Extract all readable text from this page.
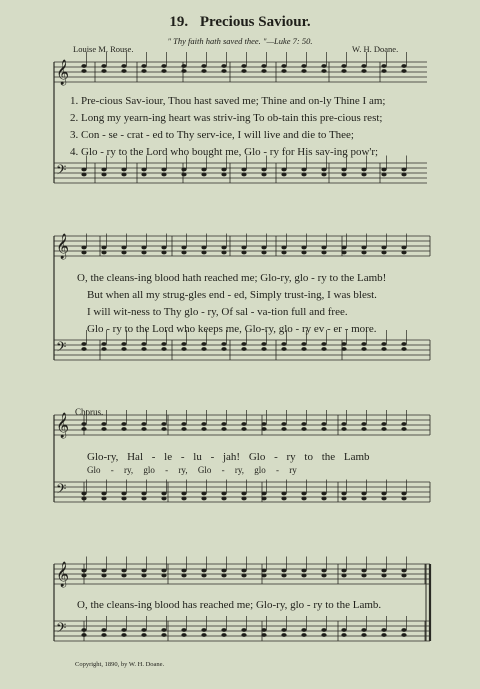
𝄞
𝄢
𝄞
𝄢
𝄞
𝄢
𝄞
𝄢
19. Precious Saviour.
" Thy faith hath saved thee. "—Luke 7: 50.
Louise M. Rouse.	W. H. Doane.
1. Pre-cious Sav-iour, Thou hast saved me; Thine and on-ly Thine I am;
2. Long my yearn-ing heart was striv-ing To ob-tain this pre-cious rest;
3. Con - se - crat - ed to Thy serv-ice, I will live and die to Thee;
4. Glo - ry to the Lord who bought me, Glo - ry for His sav-ing pow'r;
O, the cleans-ing blood hath reached me; Glo-ry, glo - ry to the Lamb!
But when all my strug-gles end - ed, Simply trust-ing, I was blest.
I will wit-ness to Thy glo - ry, Of sal - va-tion full and free.
Glo - ry to the Lord who keeps me, Glo-ry, glo - ry ev - er - more.
Chorus.
Glo-ry, Hal - le - lu - jah! Glo - ry to the Lamb
Glo - ry, glo - ry, Glo - ry, glo - ry
O, the cleans-ing blood has reached me; Glo-ry, glo - ry to the Lamb.
Copyright, 1890, by W. H. Doane.
